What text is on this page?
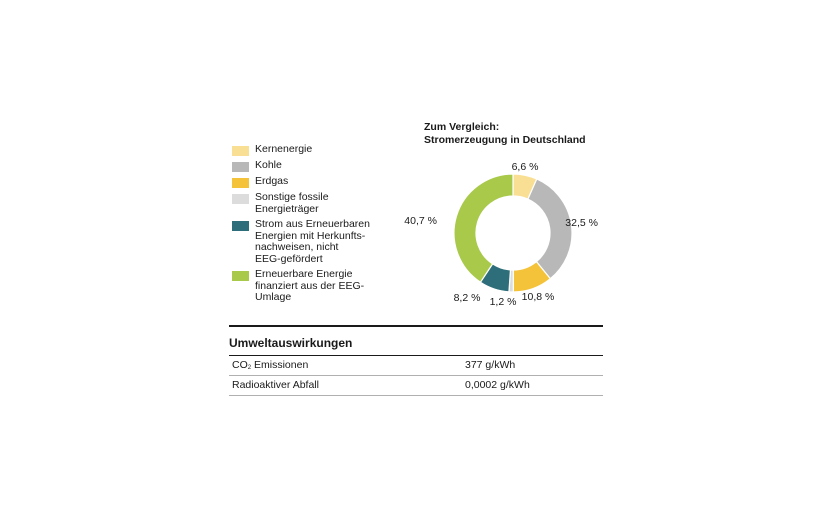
Kernenergie
Kohle
Erdgas
Sonstige fossile
Energieträger
Strom aus Erneuerbaren
Energien mit Herkunfts-
nachweisen, nicht
EEG-gefördert
Erneuerbare Energie
finanziert aus der EEG-
Umlage
Zum Vergleich:
Stromerzeugung in Deutschland
6,6 %
32,5 %
10,8 %
1,2 %
8,2 %
40,7 %
Umweltauswirkungen
$CO_2$ Emissionen	377 g/kWh
Radioaktiver Abfall	0,0002 g/kWh
